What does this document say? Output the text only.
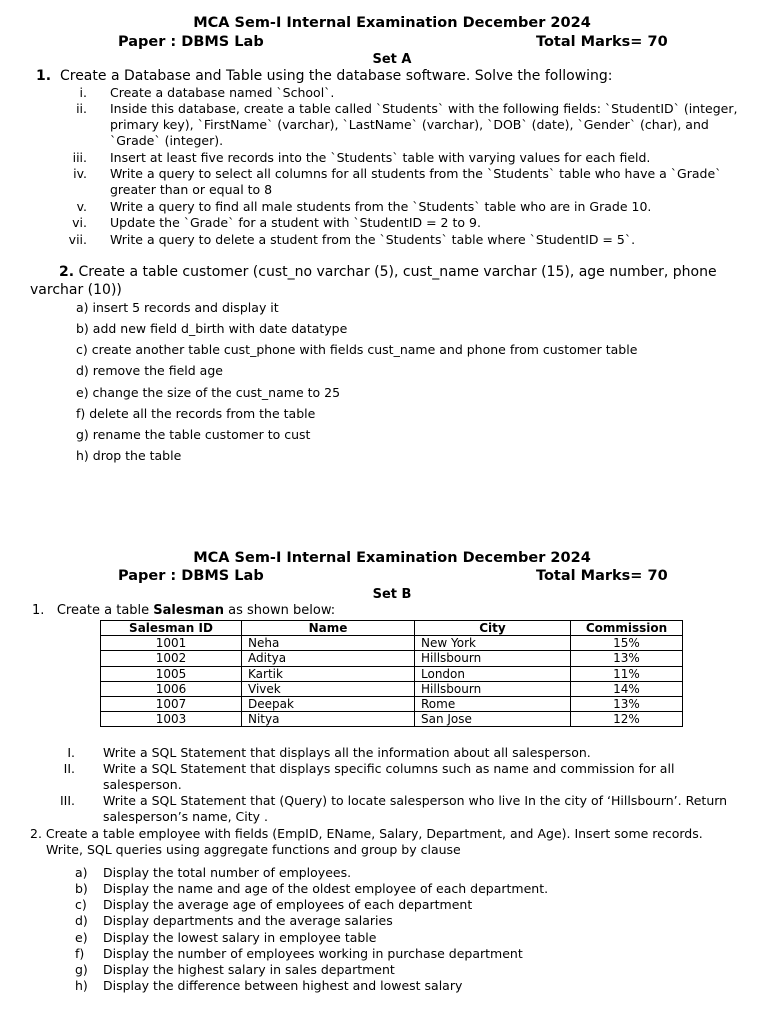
MCA Sem-I Internal Examination December 2024
Paper : DBMS Lab	Total Marks= 70
Set A
1. Create a Database and Table using the database software. Solve the following:
i. Create a database named `School`.
ii. Inside this database, create a table called `Students` with the following fields: `StudentID` (integer, primary key), `FirstName` (varchar), `LastName` (varchar), `DOB` (date), `Gender` (char), and `Grade` (integer).
iii. Insert at least five records into the `Students` table with varying values for each field.
iv. Write a query to select all columns for all students from the `Students` table who have a `Grade` greater than or equal to 8
v. Write a query to find all male students from the `Students` table who are in Grade 10.
vi. Update the `Grade` for a student with `StudentID = 2 to 9.
vii. Write a query to delete a student from the `Students` table where `StudentID = 5`.
2. Create a table customer (cust_no varchar (5), cust_name varchar (15), age number, phone
varchar (10))
a) insert 5 records and display it
b) add new field d_birth with date datatype
c) create another table cust_phone with fields cust_name and phone from customer table
d) remove the field age
e) change the size of the cust_name to 25
f) delete all the records from the table
g) rename the table customer to cust
h) drop the table
MCA Sem-I Internal Examination December 2024
Paper : DBMS Lab	Total Marks= 70
Set B
1. Create a table Salesman as shown below:
Salesman ID	Name	City	Commission
1001	Neha	New York	15%
1002	Aditya	Hillsbourn	13%
1005	Kartik	London	11%
1006	Vivek	Hillsbourn	14%
1007	Deepak	Rome	13%
1003	Nitya	San Jose	12%
I. Write a SQL Statement that displays all the information about all salesperson.
II. Write a SQL Statement that displays specific columns such as name and commission for all salesperson.
III. Write a SQL Statement that (Query) to locate salesperson who live In the city of ‘Hillsbourn’. Return salesperson’s name, City .
2. Create a table employee with fields (EmpID, EName, Salary, Department, and Age). Insert some records.
Write, SQL queries using aggregate functions and group by clause
a)	Display the total number of employees.
b)	Display the name and age of the oldest employee of each department.
c)	Display the average age of employees of each department
d)	Display departments and the average salaries
e)	Display the lowest salary in employee table
f)	Display the number of employees working in purchase department
g)	Display the highest salary in sales department
h)	Display the difference between highest and lowest salary
